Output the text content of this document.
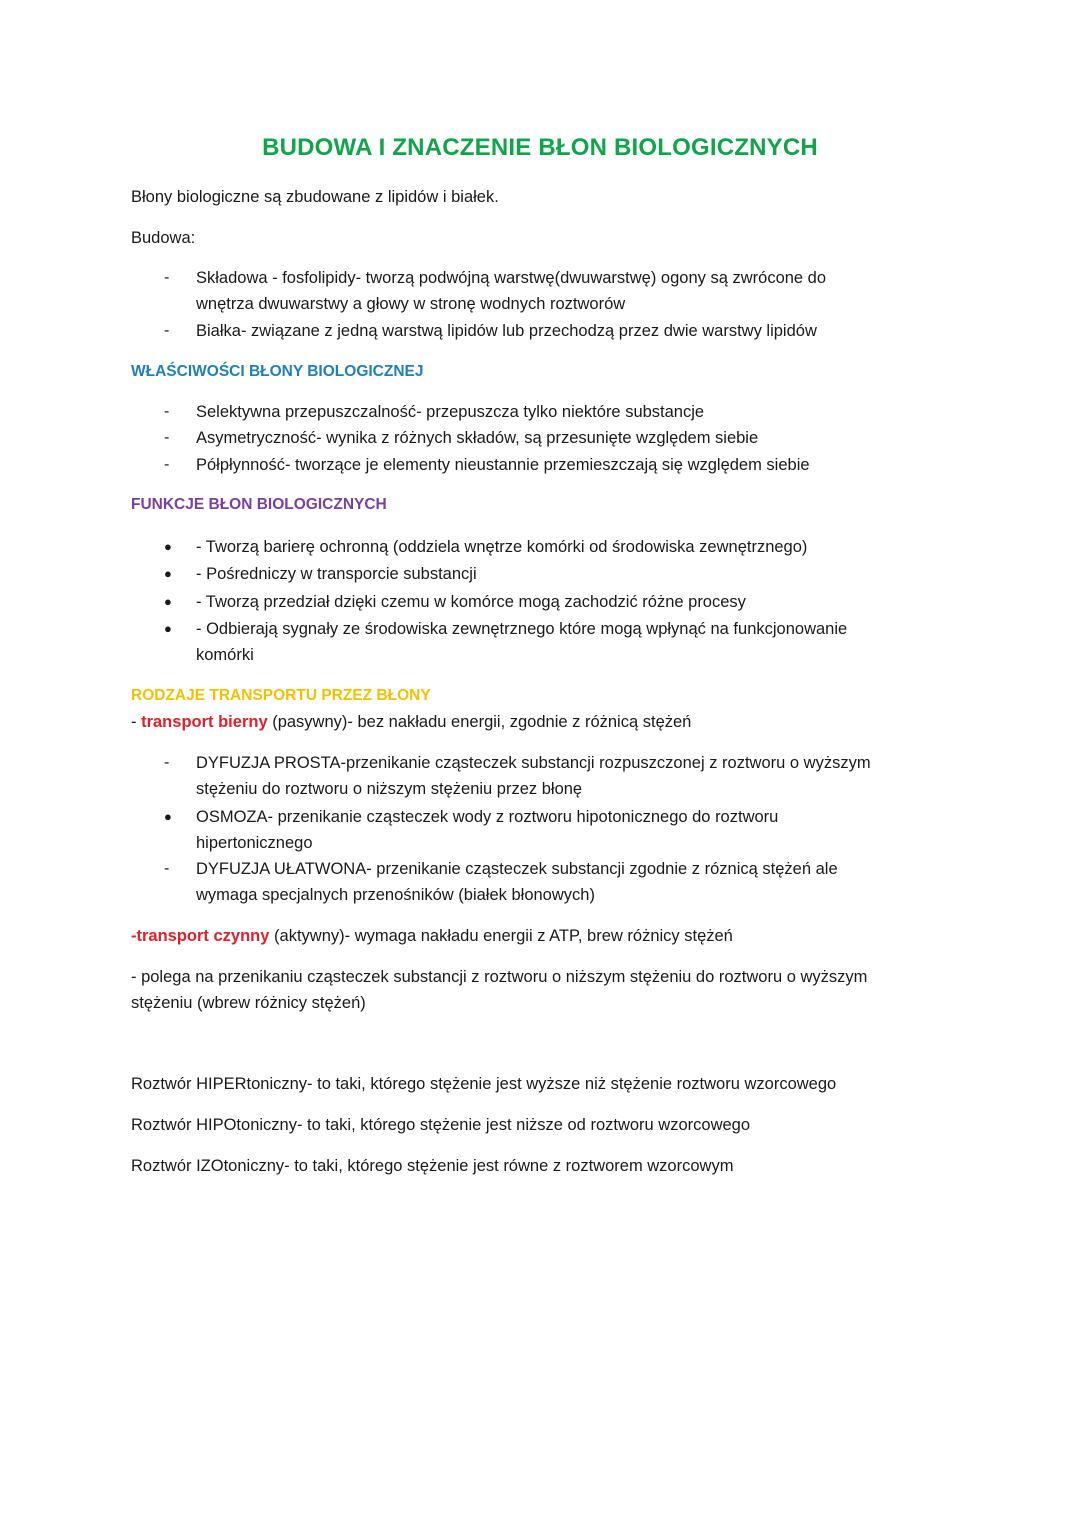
BUDOWA I ZNACZENIE BŁON BIOLOGICZNYCH
Błony biologiczne są zbudowane z lipidów i białek.
Budowa:
- Składowa - fosfolipidy- tworzą podwójną warstwę(dwuwarstwę) ogony są zwrócone do
wnętrza dwuwarstwy a głowy w stronę wodnych roztworów
- Białka- związane z jedną warstwą lipidów lub przechodzą przez dwie warstwy lipidów
WŁAŚCIWOŚCI BŁONY BIOLOGICZNEJ
- Selektywna przepuszczalność- przepuszcza tylko niektóre substancje
- Asymetryczność- wynika z różnych składów, są przesunięte względem siebie
- Półpłynność- tworzące je elementy nieustannie przemieszczają się względem siebie
FUNKCJE BŁON BIOLOGICZNYCH
● - Tworzą barierę ochronną (oddziela wnętrze komórki od środowiska zewnętrznego)
● - Pośredniczy w transporcie substancji
● - Tworzą przedział dzięki czemu w komórce mogą zachodzić różne procesy
● - Odbierają sygnały ze środowiska zewnętrznego które mogą wpłynąć na funkcjonowanie
komórki
RODZAJE TRANSPORTU PRZEZ BŁONY
- transport bierny (pasywny)- bez nakładu energii, zgodnie z różnicą stężeń
- DYFUZJA PROSTA-przenikanie cząsteczek substancji rozpuszczonej z roztworu o wyższym
stężeniu do roztworu o niższym stężeniu przez błonę
● OSMOZA- przenikanie cząsteczek wody z roztworu hipotonicznego do roztworu
hipertonicznego
- DYFUZJA UŁATWONA- przenikanie cząsteczek substancji zgodnie z róznicą stężeń ale
wymaga specjalnych przenośników (białek błonowych)
-transport czynny (aktywny)- wymaga nakładu energii z ATP, brew różnicy stężeń
- polega na przenikaniu cząsteczek substancji z roztworu o niższym stężeniu do roztworu o wyższym
stężeniu (wbrew różnicy stężeń)
Roztwór HIPERtoniczny- to taki, którego stężenie jest wyższe niż stężenie roztworu wzorcowego
Roztwór HIPOtoniczny- to taki, którego stężenie jest niższe od roztworu wzorcowego
Roztwór IZOtoniczny- to taki, którego stężenie jest równe z roztworem wzorcowym
